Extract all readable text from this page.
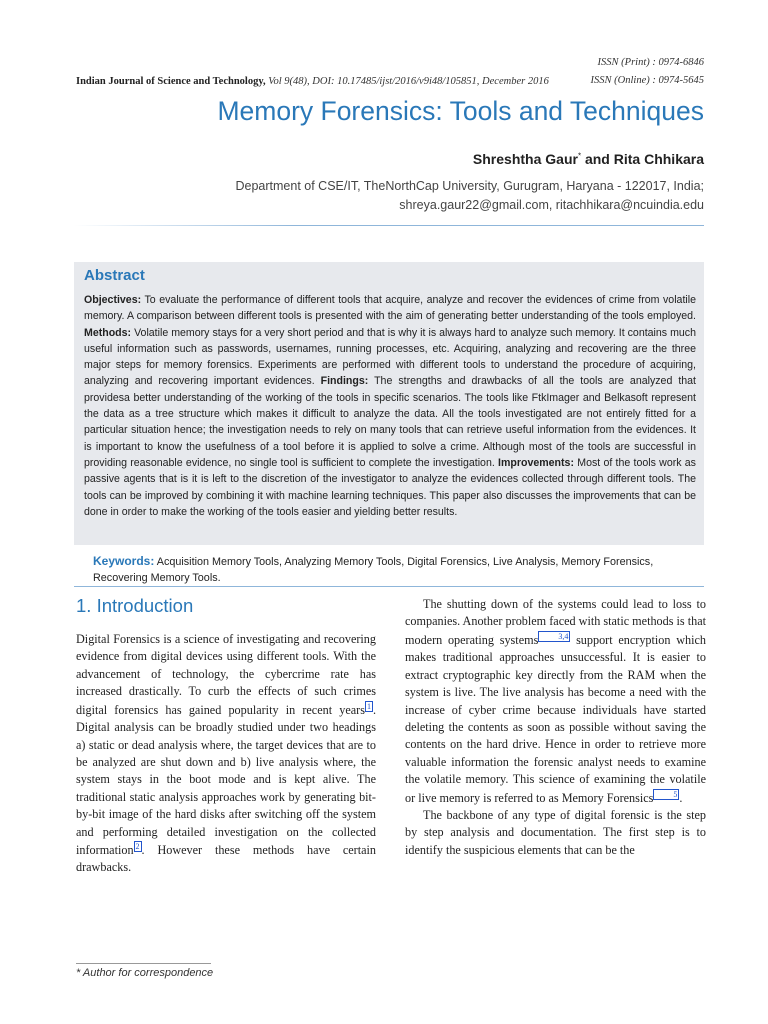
ISSN (Print) : 0974-6846
ISSN (Online) : 0974-5645
Indian Journal of Science and Technology, Vol 9(48), DOI: 10.17485/ijst/2016/v9i48/105851, December 2016
Memory Forensics: Tools and Techniques
Shreshtha Gaur* and Rita Chhikara
Department of CSE/IT, TheNorthCap University, Gurugram, Haryana - 122017, India;
shreya.gaur22@gmail.com, ritachhikara@ncuindia.edu
Abstract
Objectives: To evaluate the performance of different tools that acquire, analyze and recover the evidences of crime from volatile memory. A comparison between different tools is presented with the aim of generating better understanding of the tools employed. Methods: Volatile memory stays for a very short period and that is why it is always hard to analyze such memory. It contains much useful information such as passwords, usernames, running processes, etc. Acquiring, analyzing and recovering are the three major steps for memory forensics. Experiments are performed with different tools to understand the procedure of acquiring, analyzing and recovering important evidences. Findings: The strengths and drawbacks of all the tools are analyzed that providesa better understanding of the working of the tools in specific scenarios. The tools like FtkImager and Belkasoft represent the data as a tree structure which makes it difficult to analyze the data. All the tools investigated are not entirely fitted for a particular situation hence; the investigation needs to rely on many tools that can retrieve useful information from the evidences. It is important to know the usefulness of a tool before it is applied to solve a crime. Although most of the tools are successful in providing reasonable evidence, no single tool is sufficient to complete the investigation. Improvements: Most of the tools work as passive agents that is it is left to the discretion of the investigator to analyze the evidences collected through different tools. The tools can be improved by combining it with machine learning techniques. This paper also discusses the improvements that can be done in order to make the working of the tools easier and yielding better results.
Keywords: Acquisition Memory Tools, Analyzing Memory Tools, Digital Forensics, Live Analysis, Memory Forensics, Recovering Memory Tools.
1. Introduction

Digital Forensics is a science of investigating and recovering evidence from digital devices using different tools. With the advancement of technology, the cybercrime rate has increased drastically. To curb the effects of such crimes digital forensics has gained popularity in recent years 1 . Digital analysis can be broadly studied under two headings a) static or dead analysis where, the target devices that are to be analyzed are shut down and b) live analysis where, the system stays in the boot mode and is kept alive. The traditional static analysis approaches work by generating bit-by-bit image of the hard disks after switching off the system and performing detailed investigation on the collected information 2 . However these methods have certain drawbacks.

The shutting down of the systems could lead to loss to companies. Another problem faced with static methods is that modern operating systems	3,4 support encryption which makes traditional approaches unsuccessful. It is easier to extract cryptographic key directly from the RAM when the system is live. The live analysis has become a need with the increase of cyber crime because individuals have started deleting the contents as soon as possible without saving the contents on the hard drive. Hence in order to retrieve more valuable information the forensic analyst needs to examine the volatile memory. This science of examining the volatile or live memory is referred to as Memory Forensics	5 .

The backbone of any type of digital forensic is the step by step analysis and documentation. The first step is to identify the suspicious elements that can be the

* Author for correspondence
